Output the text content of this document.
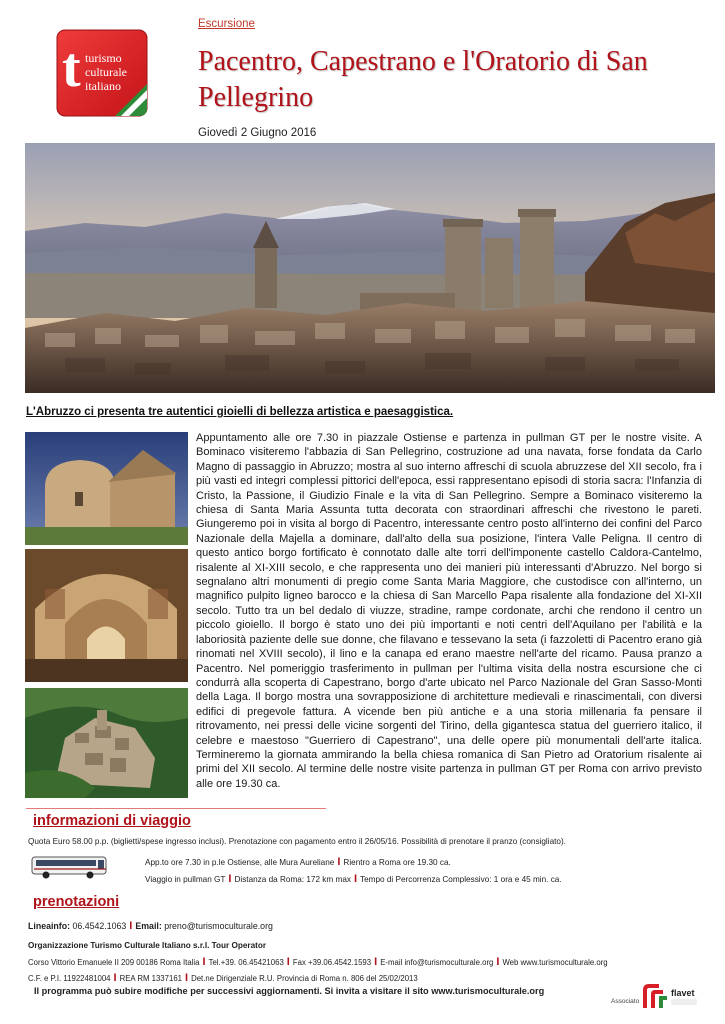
t turismo
culturale
italiano
Escursione
Pacentro, Capestrano e l'Oratorio di San Pellegrino
Giovedì 2 Giugno 2016
L'Abruzzo ci presenta tre autentici gioielli di bellezza artistica e paesaggistica.
Appuntamento alle ore 7.30 in piazzale Ostiense e partenza in pullman GT per le nostre visite. A Bominaco visiteremo l'abbazia di San Pellegrino, costruzione ad una navata, forse fondata da Carlo Magno di passaggio in Abruzzo; mostra al suo interno affreschi di scuola abruzzese del XII secolo, fra i più vasti ed integri complessi pittorici dell'epoca, essi rappresentano episodi di storia sacra: l'Infanzia di Cristo, la Passione, il Giudizio Finale e la vita di San Pellegrino. Sempre a Bominaco visiteremo la chiesa di Santa Maria Assunta tutta decorata con straordinari affreschi che rivestono le pareti. Giungeremo poi in visita al borgo di Pacentro, interessante centro posto all'interno dei confini del Parco Nazionale della Majella a dominare, dall'alto della sua posizione, l'intera Valle Peligna. Il centro di questo antico borgo fortificato è connotato dalle alte torri dell'imponente castello Caldora-Cantelmo, risalente al XI-XIII secolo, e che rappresenta uno dei manieri più interessanti d'Abruzzo. Nel borgo si segnalano altri monumenti di pregio come Santa Maria Maggiore, che custodisce con all'interno, un magnifico pulpito ligneo barocco e la chiesa di San Marcello Papa risalente alla fondazione del XI-XII secolo. Tutto tra un bel dedalo di viuzze, stradine, rampe cordonate, archi che rendono il centro un piccolo gioiello. Il borgo è stato uno dei più importanti e noti centri dell'Aquilano per l'abilità e la laboriosità paziente delle sue donne, che filavano e tessevano la seta (i fazzoletti di Pacentro erano già rinomati nel XVIII secolo), il lino e la canapa ed erano maestre nell'arte del ricamo. Pausa pranzo a Pacentro. Nel pomeriggio trasferimento in pullman per l'ultima visita della nostra escursione che ci condurrà alla scoperta di Capestrano, borgo d'arte ubicato nel Parco Nazionale del Gran Sasso-Monti della Laga. Il borgo mostra una sovrapposizione di architetture medievali e rinascimentali, con diversi edifici di pregevole fattura. A vicende ben più antiche e a una storia millenaria fa pensare il ritrovamento, nei pressi delle vicine sorgenti del Tirino, della gigantesca statua del guerriero italico, il celebre e maestoso "Guerriero di Capestrano", una delle opere più monumentali dell'arte italica. Termineremo la giornata ammirando la bella chiesa romanica di San Pietro ad Oratorium risalente ai primi del XII secolo. Al termine delle nostre visite partenza in pullman GT per Roma con arrivo previsto alle ore 19.30 ca.
informazioni di viaggio
Quota Euro 58.00 p.p. (biglietti/spese ingresso inclusi). Prenotazione con pagamento entro il 26/05/16. Possibilità di prenotare il pranzo (consigliato).
App.to ore 7.30 in p.le Ostiense, alle Mura Aureliane I Rientro a Roma ore 19.30 ca.
Viaggio in pullman GT I Distanza da Roma: 172 km max I Tempo di Percorrenza Complessivo: 1 ora e 45 min. ca.
prenotazioni
Lineainfo: 06.4542.1063 I Email: preno@turismoculturale.org
Organizzazione Turismo Culturale Italiano s.r.l. Tour Operator
Corso Vittorio Emanuele II 209 00186 Roma Italia I Tel.+39. 06.45421063 I Fax +39.06.4542.1593 I E-mail info@turismoculturale.org I Web www.turismoculturale.org
C.F. e P.I. 11922481004 I REA RM 1337161 I Det.ne Dirigenziale R.U. Provincia di Roma n. 806 del 25/02/2013
Il programma può subire modifiche per successivi aggiornamenti. Si invita a visitare il sito www.turismoculturale.org
Associato
flavet
